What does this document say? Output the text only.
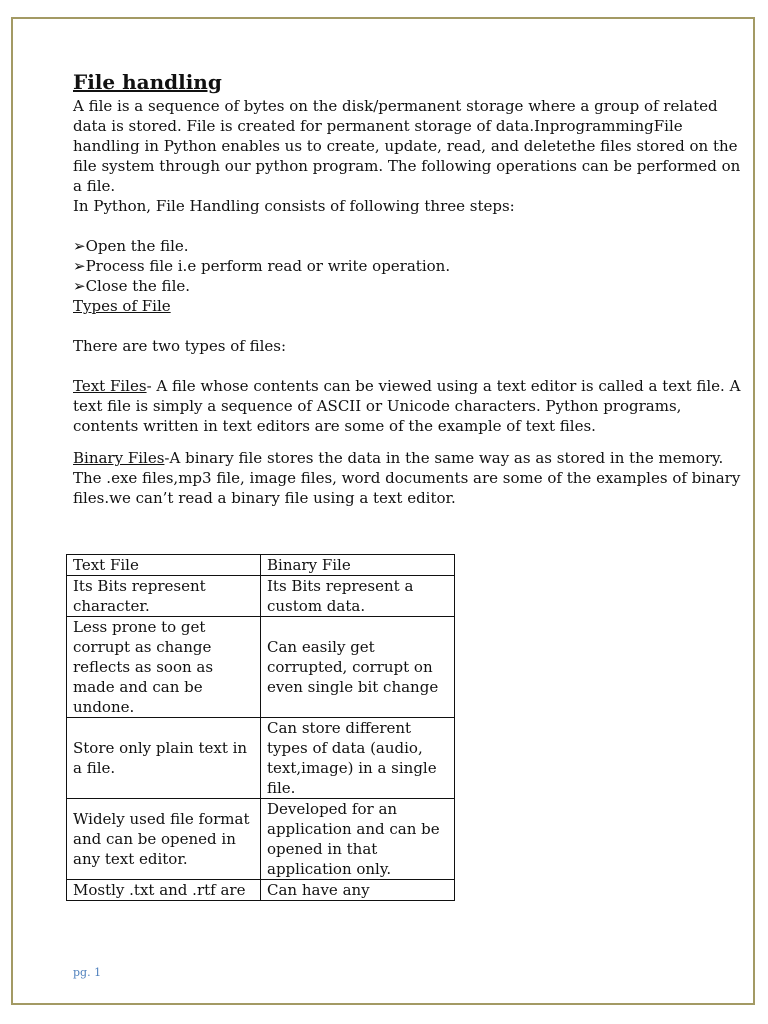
File handling

A file is a sequence of bytes on the disk/permanent storage where a group of related data is stored. File is created for permanent storage of data.InprogrammingFile handling in Python enables us to create, update, read, and deletethe files stored on the file system through our python program. The following operations can be performed on a file.

In Python, File Handling consists of following three steps:

➢Open the file.
➢Process file i.e perform read or write operation.
➢Close the file.

Types of File

There are two types of files:

Text Files- A file whose contents can be viewed using a text editor is called a text file. A text file is simply a sequence of ASCII or Unicode characters. Python programs, contents written in text editors are some of the example of text files.

Binary Files-A binary file stores the data in the same way as as stored in the memory. The .exe files,mp3 file, image files, word documents are some of the examples of binary files.we can’t read a binary file using a text editor.

Text File	Binary File
Its Bits represent character.	Its Bits represent a custom data.
Less prone to get corrupt as change reflects as soon as made and can be undone.	Can easily get corrupted, corrupt on even single bit change
Store only plain text in a file.	Can store different types of data (audio, text,image) in a single file.
Widely used file format and can be opened in any text editor.	Developed for an application and can be opened in that application only.
Mostly .txt and .rtf are	Can have any
pg. 1
